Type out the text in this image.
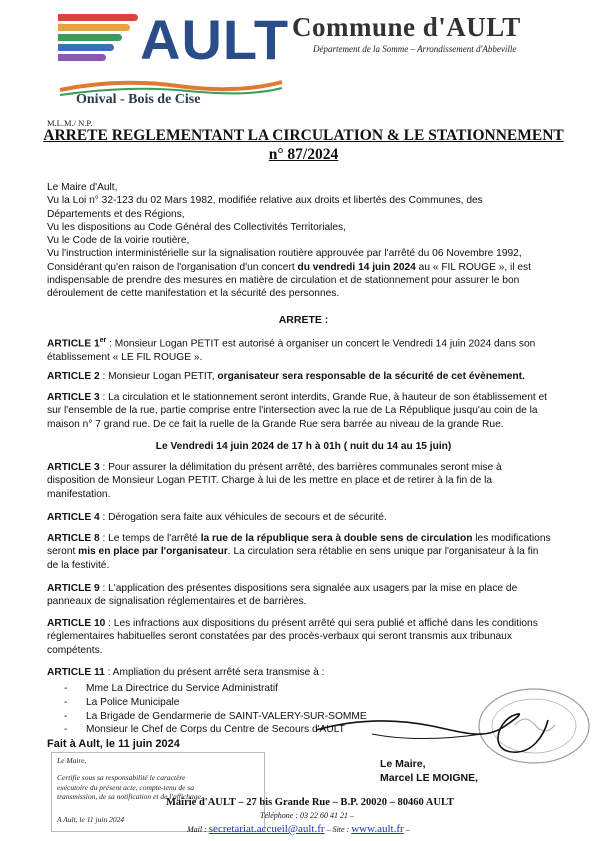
AULT
Onival - Bois de Cise
Commune d'AULT
Département de la Somme – Arrondissement d'Abbeville
M.L.M./ N.P.
ARRETE REGLEMENTANT LA CIRCULATION & LE STATIONNEMENT
n° 87/2024
Le Maire d'Ault,
Vu la Loi n° 32-123 du 02 Mars 1982, modifiée relative aux droits et libertés des Communes, des
Départements et des Régions,
Vu les dispositions au Code Général des Collectivités Territoriales,
Vu le Code de la voirie routière,
Vu l'instruction interministérielle sur la signalisation routière approuvée par l'arrêté du 06 Novembre 1992,
Considérant qu'en raison de l'organisation d'un concert du vendredi 14 juin 2024 au « FIL ROUGE », il est
indispensable de prendre des mesures en matière de circulation et de stationnement pour assurer le bon
déroulement de cette manifestation et la sécurité des personnes.
ARRETE :
ARTICLE 1er : Monsieur Logan PETIT est autorisé à organiser un concert le Vendredi 14 juin 2024 dans son
établissement « LE FIL ROUGE ».
ARTICLE 2 : Monsieur Logan PETIT, organisateur sera responsable de la sécurité de cet évènement.
ARTICLE 3 : La circulation et le stationnement seront interdits, Grande Rue, à hauteur de son établissement et
sur l'ensemble de la rue, partie comprise entre l'intersection avec la rue de La République jusqu'au coin de la
maison n° 7 grand rue. De ce fait la ruelle de la Grande Rue sera barrée au niveau de la grande Rue.
Le Vendredi 14 juin 2024 de 17 h à 01h ( nuit du 14 au 15 juin)
ARTICLE 3 : Pour assurer la délimitation du présent arrêté, des barrières communales seront mise à
disposition de Monsieur Logan PETIT. Charge à lui de les mettre en place et de retirer à la fin de la
manifestation.
ARTICLE 4 : Dérogation sera faite aux véhicules de secours et de sécurité.
ARTICLE 8 : Le temps de l'arrêté la rue de la république sera à double sens de circulation les modifications
seront mis en place par l'organisateur. La circulation sera rétablie en sens unique par l'organisateur à la fin
de la festivité.
ARTICLE 9 : L'application des présentes dispositions sera signalée aux usagers par la mise en place de
panneaux de signalisation réglementaires et de barrières.
ARTICLE 10 : Les infractions aux dispositions du présent arrêté qui sera publié et affiché dans les conditions
réglementaires habituelles seront constatées par des procès-verbaux qui seront transmis aux tribunaux
compétents.
ARTICLE 11 : Ampliation du présent arrêté sera transmise à :
- Mme La Directrice du Service Administratif
- La Police Municipale
- La Brigade de Gendarmerie de SAINT-VALERY-SUR-SOMME
- Monsieur le Chef de Corps du Centre de Secours d'AULT
Fait à Ault, le 11 juin 2024
Le Maire,
Certifie sous sa responsabilité le caractère
exécutoire du présent acte, compte-tenu de sa
transmission, de sa notification et de l'affichage.
A Ault, le 11 juin 2024
Le Maire,
Marcel LE MOIGNE,
Mairie d'AULT – 27 bis Grande Rue – B.P. 20020 – 80460 AULT
Téléphone : 03 22 60 41 21 –
Mail : secretariat.accueil@ault.fr – Site : www.ault.fr –
